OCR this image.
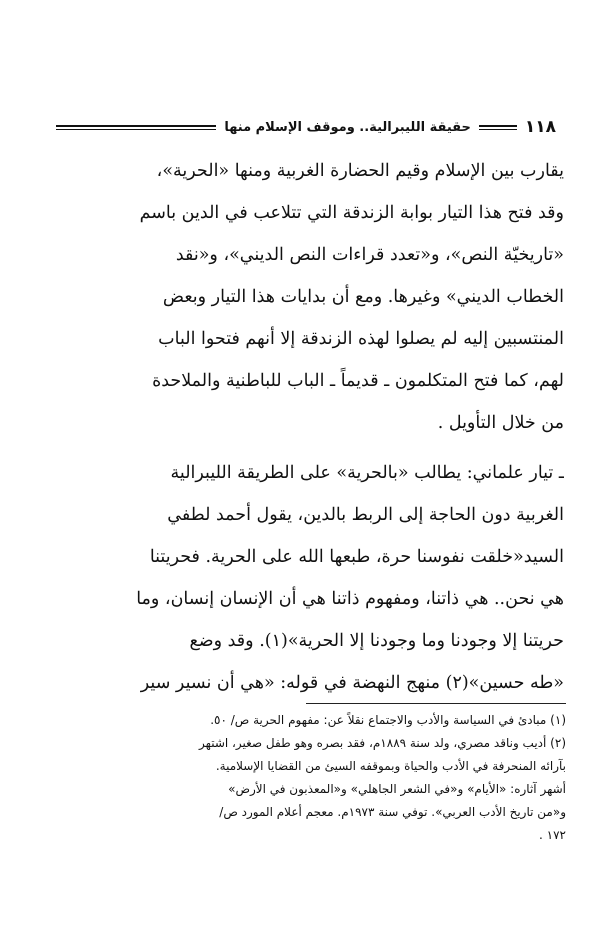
١١٨
حقيقة الليبرالية.. وموقف الإسلام منها
يقارب بين الإسلام وقيم الحضارة الغربية ومنها «الحرية»،
وقد فتح هذا التيار بوابة الزندقة التي تتلاعب في الدين باسم
«تاريخيّة النص»، و«تعدد قراءات النص الديني»، و«نقد
الخطاب الديني» وغيرها. ومع أن بدايات هذا التيار وبعض
المنتسبين إليه لم يصلوا لهذه الزندقة إلا أنهم فتحوا الباب
لهم، كما فتح المتكلمون ـ قديماً ـ الباب للباطنية والملاحدة
من خلال التأويل .
ـ تيار علماني: يطالب «بالحرية» على الطريقة الليبرالية
الغربية دون الحاجة إلى الربط بالدين، يقول أحمد لطفي
السيد«خلقت نفوسنا حرة، طبعها الله على الحرية. فحريتنا
هي نحن.. هي ذاتنا، ومفهوم ذاتنا هي أن الإنسان إنسان، وما
حريتنا إلا وجودنا وما وجودنا إلا الحرية»(١). وقد وضع
«طه حسين»(٢) منهج النهضة في قوله: «هي أن نسير سير
(١) مبادئ في السياسة والأدب والاجتماع نقلاً عن: مفهوم الحرية ص/ ٥٠.
(٢) أديب وناقد مصري، ولد سنة ١٨٨٩م، فقد بصره وهو طفل صغير، اشتهر
بآرائه المنحرفة في الأدب والحياة وبموقفه السيئ من القضايا الإسلامية.
أشهر آثاره: «الأيام» و«في الشعر الجاهلي» و«المعذبون في الأرض»
و«من تاريخ الأدب العربي». توفي سنة ١٩٧٣م. معجم أعلام المورد ص/
١٧٢ .
